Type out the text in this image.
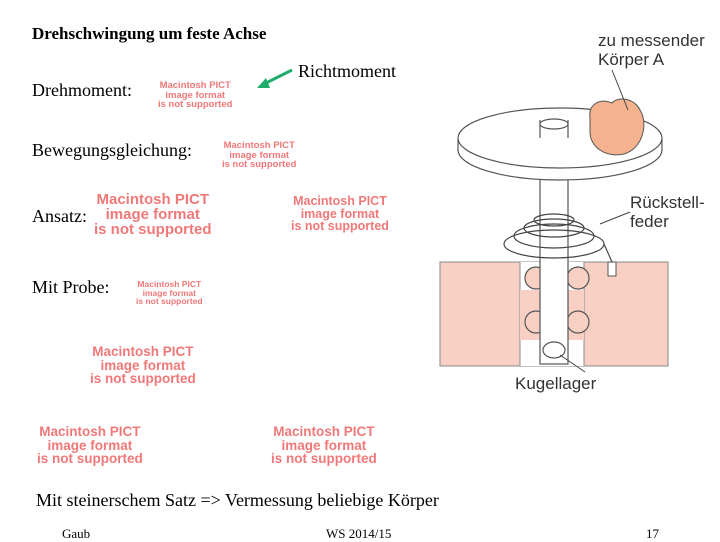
Drehschwingung um feste Achse
Drehmoment:
Richtmoment
Bewegungsgleichung:
Ansatz:
Mit Probe:
Mit steinerschem Satz => Vermessung beliebige Körper
Macintosh PICT
image format
is not supported
Macintosh PICT
image format
is not supported
Macintosh PICT
image format
is not supported
Macintosh PICT
image format
is not supported
Macintosh PICT
image format
is not supported
Macintosh PICT
image format
is not supported
Macintosh PICT
image format
is not supported
Macintosh PICT
image format
is not supported
zu messender
Körper A
Rückstell-
feder
Kugellager
Gaub	WS 2014/15	17
